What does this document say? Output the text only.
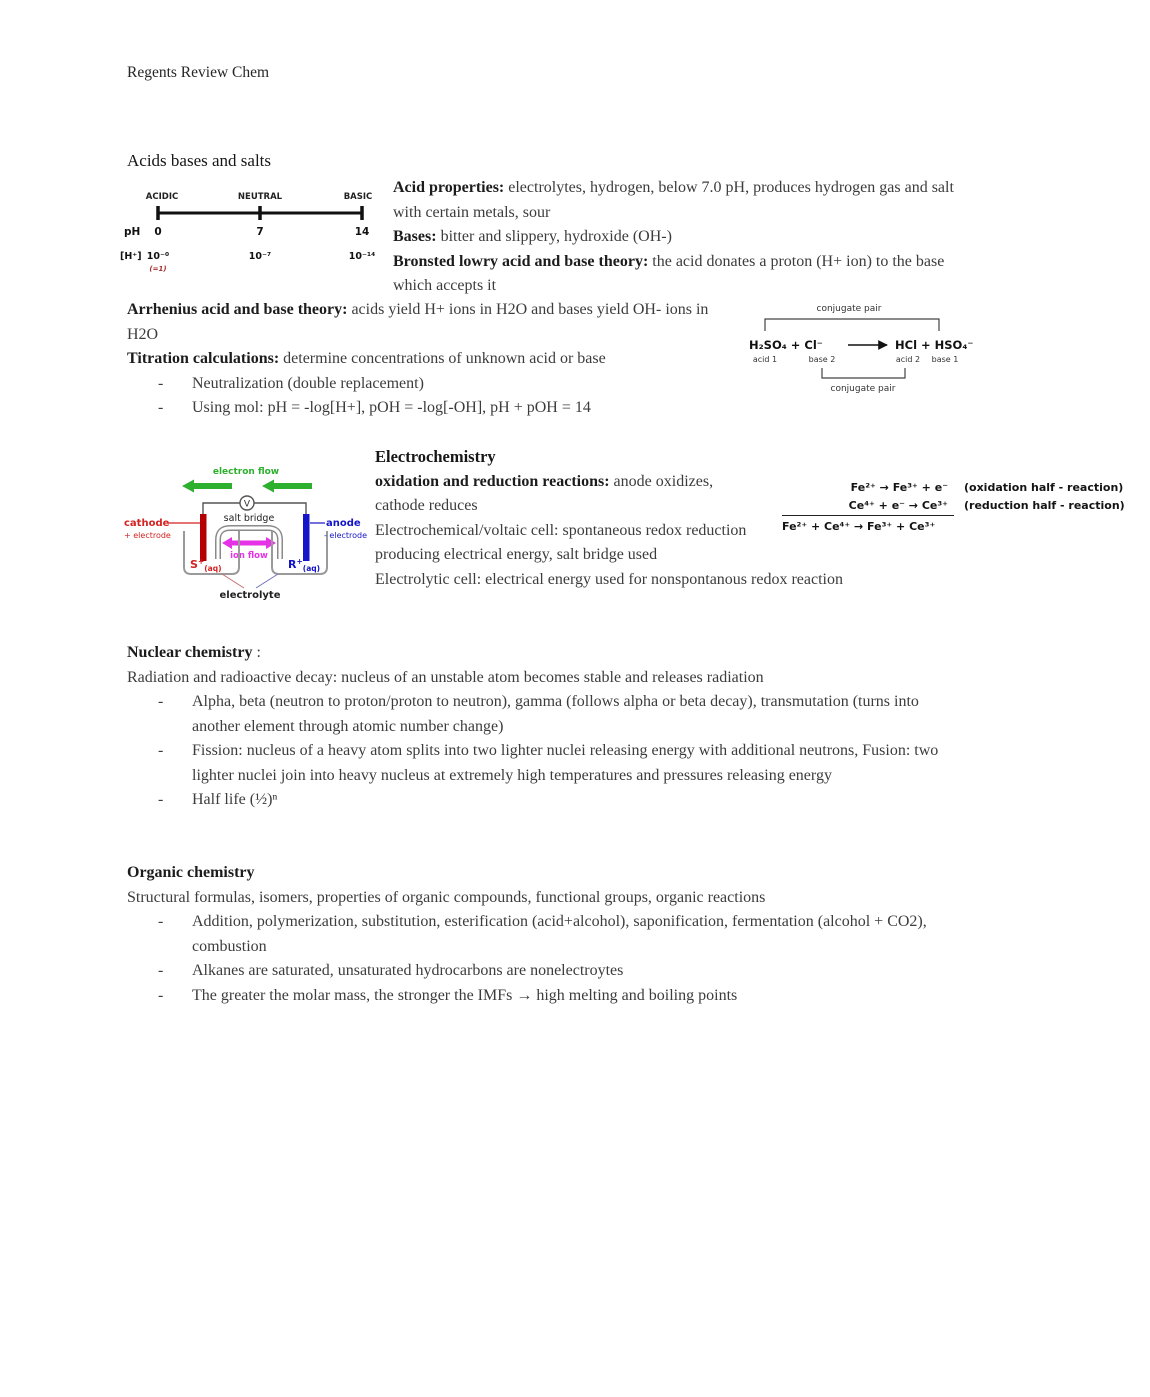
Regents Review Chem
Acids bases and salts
ACIDIC	NEUTRAL	BASIC
pH 0	7	14
[H⁺] 10⁻⁰	10⁻⁷	10⁻¹⁴
(=1)

Acid properties: electrolytes, hydrogen, below 7.0 pH, produces hydrogen gas and salt with certain metals, sour

Bases: bitter and slippery, hydroxide (OH-)

Bronsted lowry acid and base theory: the acid donates a proton (H+ ion) to the base which accepts it

Arrhenius acid and base theory: acids yield H+ ions in H2O and bases yield OH- ions in H2O

Titration calculations: determine concentrations of unknown acid or base

-	Neutralization (double replacement)
-	Using mol: pH = -log[H+], pOH = -log[-OH], pH + pOH = 14
conjugate pair
H₂SO₄ + Cl⁻	HCl + HSO₄⁻
acid 1	base 2	acid 2 base 1
conjugate pair

Electrochemistry

oxidation and reduction reactions: anode oxidizes, cathode reduces

Electrochemical/voltaic cell: spontaneous redox reduction producing electrical energy, salt bridge used

Electrolytic cell: electrical energy used for nonspontanous redox reaction

Fe²⁺ → Fe³⁺ + e⁻	(oxidation half - reaction)
Ce⁴⁺ + e⁻ → Ce³⁺	(reduction half - reaction)
Fe²⁺ + Ce⁴⁺ → Fe³⁺ + Ce³⁺
electron flow
V
salt bridge
ion flow
cathode
+ electrode
anode
- electrode
$S^+_{(aq)}$	$R^+_{(aq)}$
electrolyte

Nuclear chemistry :

Radiation and radioactive decay: nucleus of an unstable atom becomes stable and releases radiation

-	Alpha, beta (neutron to proton/proton to neutron), gamma (follows alpha or beta decay), transmutation (turns into another element through atomic number change)
-	Fission: nucleus of a heavy atom splits into two lighter nuclei releasing energy with additional neutrons, Fusion: two lighter nuclei join into heavy nucleus at extremely high temperatures and pressures releasing energy
-	Half life (½)ⁿ

Organic chemistry

Structural formulas, isomers, properties of organic compounds, functional groups, organic reactions

-	Addition, polymerization, substitution, esterification (acid+alcohol), saponification, fermentation (alcohol + CO2), combustion
-	Alkanes are saturated, unsaturated hydrocarbons are nonelectroytes
-	The greater the molar mass, the stronger the IMFs → high melting and boiling points
